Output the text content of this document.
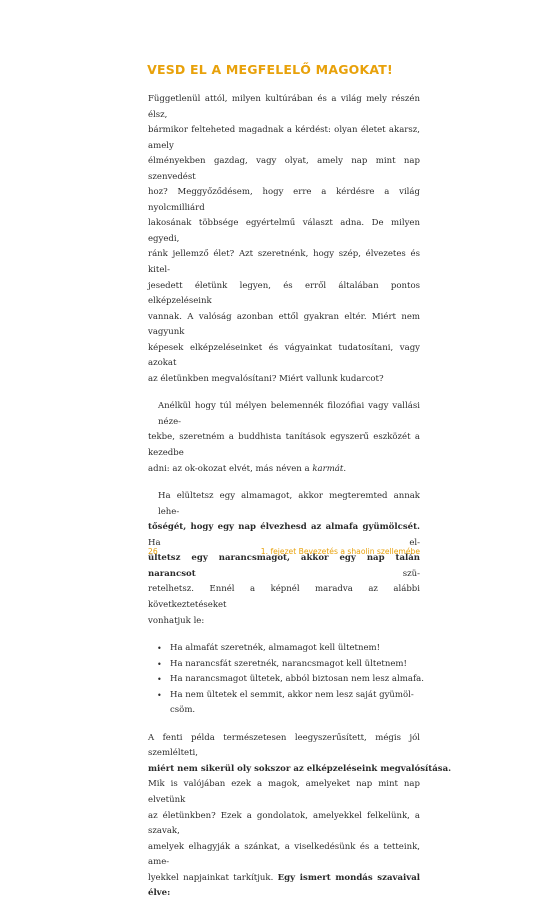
VESD EL A MEGFELELŐ MAGOKAT!

Függetlenül attól, milyen kultúrában és a világ mely részén élsz,
bármikor felteheted magadnak a kérdést: olyan életet akarsz, amely
élményekben gazdag, vagy olyat, amely nap mint nap szenvedést
hoz? Meggyőződésem, hogy erre a kérdésre a világ nyolcmilliárd
lakosának többsége egyértelmű választ adna. De milyen egyedi,
ránk jellemző élet? Azt szeretnénk, hogy szép, élvezetes és kitel-
jesedett életünk legyen, és erről általában pontos elképzeléseink
vannak. A valóság azonban ettől gyakran eltér. Miért nem vagyunk
képesek elképzeléseinket és vágyainkat tudatosítani, vagy azokat
az életünkben megvalósítani? Miért vallunk kudarcot?

Anélkül hogy túl mélyen belemennék filozófiai vagy vallási néze-
tekbe, szeretném a buddhista tanítások egyszerű eszközét a kezedbe
adni: az ok-okozat elvét, más néven a karmát.

Ha elültetsz egy almamagot, akkor megteremted annak lehe-
tőségét, hogy egy nap élvezhesd az almafa gyümölcsét. Ha el-
ültetsz egy narancsmagot, akkor egy nap talán narancsot szü-
retelhetsz. Ennél a képnél maradva az alábbi következtetéseket
vonhatjuk le:

• Ha almafát szeretnék, almamagot kell ültetnem!
• Ha narancsfát szeretnék, narancsmagot kell ültetnem!
• Ha narancsmagot ültetek, abból biztosan nem lesz almafa.
• Ha nem ültetek el semmit, akkor nem lesz saját gyümöl-
csöm.

A fenti példa természetesen leegyszerűsített, mégis jól szemlélteti,
miért nem sikerül oly sokszor az elképzeléseink megvalósítása.
Mik is valójában ezek a magok, amelyeket nap mint nap elvetünk
az életünkben? Ezek a gondolatok, amelyekkel felkelünk, a szavak,
amelyek elhagyják a szánkat, a viselkedésünk és a tetteink, ame-
lyekkel napjainkat tarkítjuk. Egy ismert mondás szavaival élve:

26	1. fejezet Bevezetés a shaolin szellemébe
